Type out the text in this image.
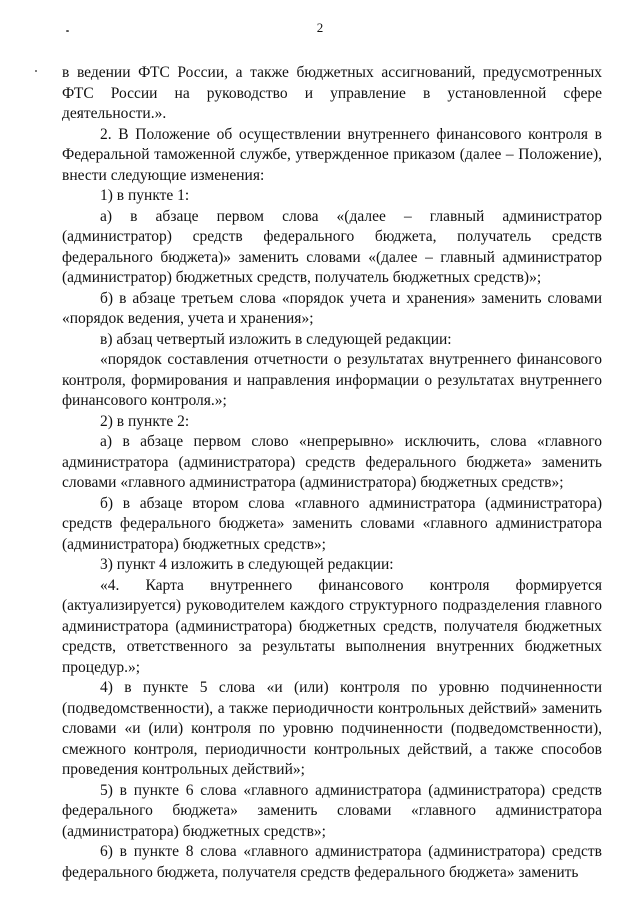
2

в ведении ФТС России, а также бюджетных ассигнований, предусмотренных ФТС России на руководство и управление в установленной сфере деятельности.».

2. В Положение об осуществлении внутреннего финансового контроля в Федеральной таможенной службе, утвержденное приказом (далее – Положение), внести следующие изменения:

1) в пункте 1:

а) в абзаце первом слова «(далее – главный администратор (администратор) средств федерального бюджета, получатель средств федерального бюджета)» заменить словами «(далее – главный администратор (администратор) бюджетных средств, получатель бюджетных средств)»;

б) в абзаце третьем слова «порядок учета и хранения» заменить словами «порядок ведения, учета и хранения»;

в) абзац четвертый изложить в следующей редакции:

«порядок составления отчетности о результатах внутреннего финансового контроля, формирования и направления информации о результатах внутреннего финансового контроля.»;

2) в пункте 2:

а) в абзаце первом слово «непрерывно» исключить, слова «главного администратора (администратора) средств федерального бюджета» заменить словами «главного администратора (администратора) бюджетных средств»;

б) в абзаце втором слова «главного администратора (администратора) средств федерального бюджета» заменить словами «главного администратора (администратора) бюджетных средств»;

3) пункт 4 изложить в следующей редакции:

«4. Карта внутреннего финансового контроля формируется

(актуализируется) руководителем каждого структурного подразделения главного администратора (администратора) бюджетных средств, получателя бюджетных средств, ответственного за результаты выполнения внутренних бюджетных процедур.»;

4) в пункте 5 слова «и (или) контроля по уровню подчиненности (подведомственности), а также периодичности контрольных действий» заменить словами «и (или) контроля по уровню подчиненности (подведомственности), смежного контроля, периодичности контрольных действий, а также способов проведения контрольных действий»;

5) в пункте 6 слова «главного администратора (администратора) средств федерального бюджета» заменить словами «главного администратора (администратора) бюджетных средств»;

6) в пункте 8 слова «главного администратора (администратора) средств федерального бюджета, получателя средств федерального бюджета» заменить
